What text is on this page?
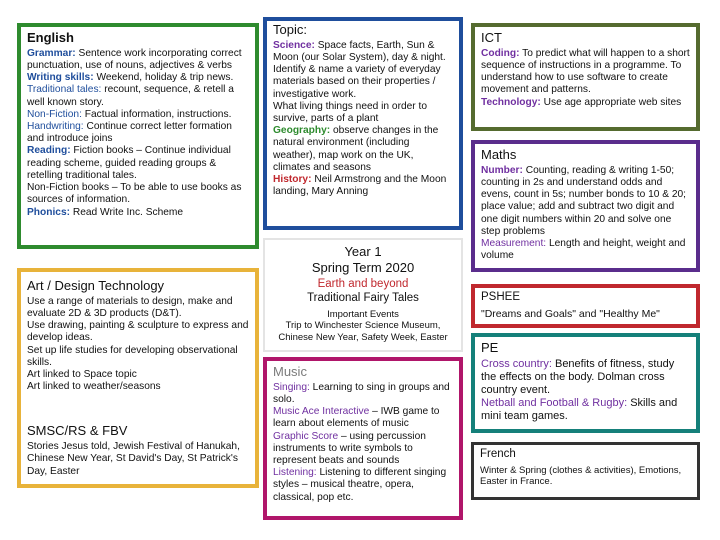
English
Grammar: Sentence work incorporating correct punctuation, use of nouns, adjectives & verbs
Writing skills: Weekend, holiday & trip news.
Traditional tales: recount, sequence, & retell a well known story.
Non-Fiction: Factual information, instructions.
Handwriting: Continue correct letter formation and introduce joins
Reading: Fiction books – Continue individual reading scheme, guided reading groups & retelling traditional tales.
Non-Fiction books – To be able to use books as sources of information.
Phonics: Read Write Inc. Scheme
Art / Design Technology
Use a range of materials to design, make and evaluate 2D & 3D products (D&T).
Use drawing, painting & sculpture to express and develop ideas.
Set up life studies for developing observational skills.
Art linked to Space topic
Art linked to weather/seasons
SMSC/RS & FBV
Stories Jesus told, Jewish Festival of Hanukah, Chinese New Year, St David's Day, St Patrick's Day, Easter
Topic:
Science: Space facts, Earth, Sun & Moon (our Solar System), day & night.
Identify & name a variety of everyday materials based on their properties / investigative work.
What living things need in order to survive, parts of a plant
Geography: observe changes in the natural environment (including weather), map work on the UK, climates and seasons
History: Neil Armstrong and the Moon landing, Mary Anning
Year 1
Spring Term 2020
Earth and beyond
Traditional Fairy Tales
Important Events
Trip to Winchester Science Museum, Chinese New Year, Safety Week, Easter
Music
Singing: Learning to sing in groups and solo.
Music Ace Interactive – IWB game to learn about elements of music
Graphic Score – using percussion instruments to write symbols to represent beats and sounds
Listening: Listening to different singing styles – musical theatre, opera, classical, pop etc.
ICT
Coding: To predict what will happen to a short sequence of instructions in a programme. To understand how to use software to create movement and patterns.
Technology: Use age appropriate web sites
Maths
Number: Counting, reading & writing 1-50; counting in 2s and understand odds and evens, count in 5s; number bonds to 10 & 20; place value; add and subtract two digit and one digit numbers within 20 and solve one step problems
Measurement: Length and height, weight and volume
PSHEE
"Dreams and Goals" and "Healthy Me"
PE
Cross country: Benefits of fitness, study the effects on the body. Dolman cross country event.
Netball and Football & Rugby: Skills and mini team games.
French
Winter & Spring (clothes & activities), Emotions, Easter in France.
